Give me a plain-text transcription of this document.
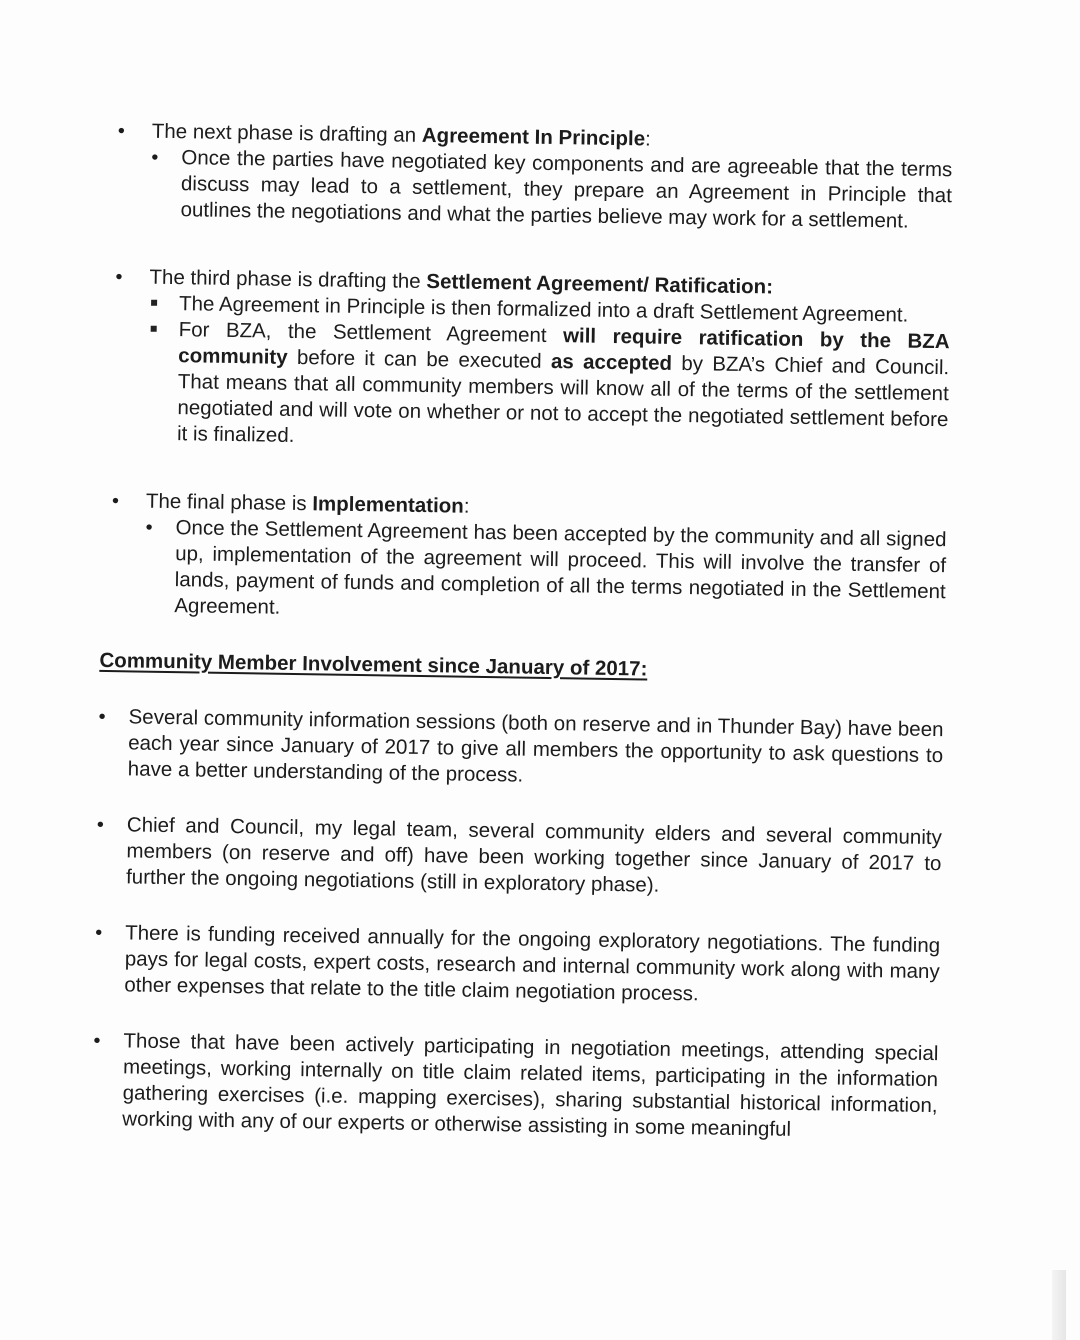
• The next phase is drafting an Agreement In Principle:
• Once the parties have negotiated key components and are agreeable that the terms discuss may lead to a settlement, they prepare an Agreement in Principle that outlines the negotiations and what the parties believe may work for a settlement.
• The third phase is drafting the Settlement Agreement/ Ratification:
The Agreement in Principle is then formalized into a draft Settlement Agreement.
For BZA, the Settlement Agreement will require ratification by the BZA community before it can be executed as accepted by BZA’s Chief and Council. That means that all community members will know all of the terms of the settlement negotiated and will vote on whether or not to accept the negotiated settlement before it is finalized.
• The final phase is Implementation:
• Once the Settlement Agreement has been accepted by the community and all signed up, implementation of the agreement will proceed. This will involve the transfer of lands, payment of funds and completion of all the terms negotiated in the Settlement Agreement.
Community Member Involvement since January of 2017:
• Several community information sessions (both on reserve and in Thunder Bay) have been each year since January of 2017 to give all members the opportunity to ask questions to have a better understanding of the process.
• Chief and Council, my legal team, several community elders and several community members (on reserve and off) have been working together since January of 2017 to further the ongoing negotiations (still in exploratory phase).
• There is funding received annually for the ongoing exploratory negotiations. The funding pays for legal costs, expert costs, research and internal community work along with many other expenses that relate to the title claim negotiation process.
• Those that have been actively participating in negotiation meetings, attending special meetings, working internally on title claim related items, participating in the information gathering exercises (i.e. mapping exercises), sharing substantial historical information, working with any of our experts or otherwise assisting in some meaningful
